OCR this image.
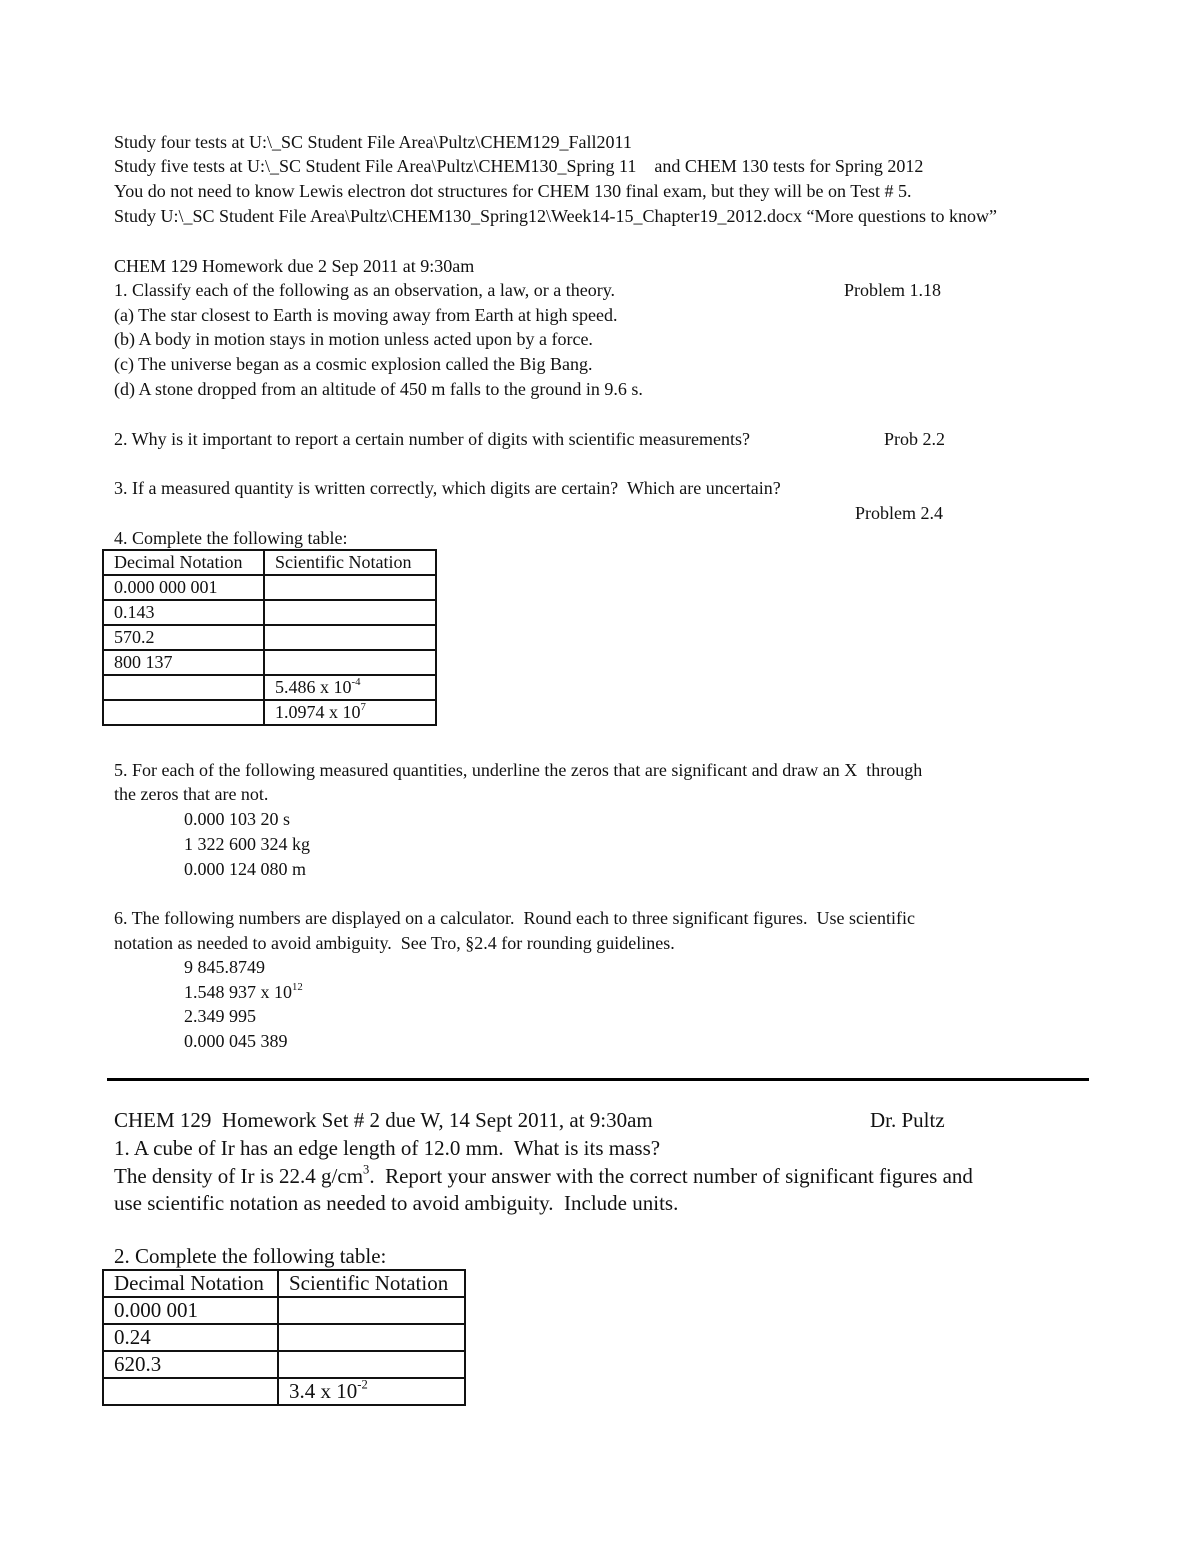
Study four tests at U:\_SC Student File Area\Pultz\CHEM129_Fall2011
Study five tests at U:\_SC Student File Area\Pultz\CHEM130_Spring 11    and CHEM 130 tests for Spring 2012
You do not need to know Lewis electron dot structures for CHEM 130 final exam, but they will be on Test # 5.
Study U:\_SC Student File Area\Pultz\CHEM130_Spring12\Week14-15_Chapter19_2012.docx “More questions to know”
CHEM 129 Homework due 2 Sep 2011 at 9:30am
1. Classify each of the following as an observation, a law, or a theory.	Problem 1.18
(a) The star closest to Earth is moving away from Earth at high speed.
(b) A body in motion stays in motion unless acted upon by a force.
(c) The universe began as a cosmic explosion called the Big Bang.
(d) A stone dropped from an altitude of 450 m falls to the ground in 9.6 s.
2. Why is it important to report a certain number of digits with scientific measurements?	Prob 2.2
3. If a measured quantity is written correctly, which digits are certain?  Which are uncertain?
Problem 2.4
4. Complete the following table:
Decimal Notation	Scientific Notation
0.000 000 001	
0.143	
570.2	
800 137	
	5.486 x $10^{-4}$
	1.0974 x $10^7$
5. For each of the following measured quantities, underline the zeros that are significant and draw an X  through
the zeros that are not.
0.000 103 20 s
1 322 600 324 kg
0.000 124 080 m
6. The following numbers are displayed on a calculator.  Round each to three significant figures.  Use scientific
notation as needed to avoid ambiguity.  See Tro, §2.4 for rounding guidelines.
9 845.8749
1.548 937 x $10^{12}$
2.349 995
0.000 045 389
CHEM 129  Homework Set # 2 due W, 14 Sept 2011, at 9:30am	Dr. Pultz
1. A cube of Ir has an edge length of 12.0 mm.  What is its mass?
The density of Ir is 22.4 $g/cm^3$.  Report your answer with the correct number of significant figures and
use scientific notation as needed to avoid ambiguity.  Include units.
2. Complete the following table:
Decimal Notation	Scientific Notation
0.000 001	
0.24	
620.3	
	3.4 x $10^{-2}$
